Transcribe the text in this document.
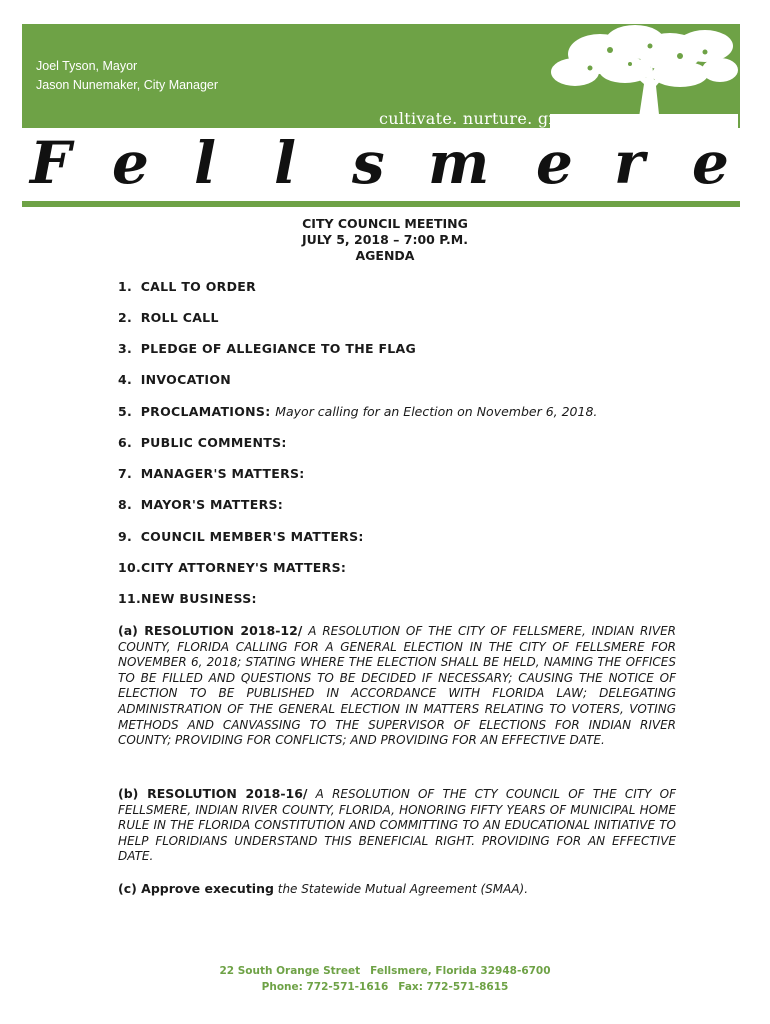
Joel Tyson, Mayor
Jason Nunemaker, City Manager
cultivate. nurture. grow...
F e l l s m e r e
CITY COUNCIL MEETING
JULY 5, 2018 – 7:00 P.M.
AGENDA
1. CALL TO ORDER
2. ROLL CALL
3. PLEDGE OF ALLEGIANCE TO THE FLAG
4. INVOCATION
5. PROCLAMATIONS: Mayor calling for an Election on November 6, 2018.
6. PUBLIC COMMENTS:
7. MANAGER'S MATTERS:
8. MAYOR'S MATTERS:
9. COUNCIL MEMBER'S MATTERS:
10.CITY ATTORNEY'S MATTERS:
11.NEW BUSINESS:
(a) RESOLUTION 2018-12/ A RESOLUTION OF THE CITY OF FELLSMERE, INDIAN RIVER COUNTY, FLORIDA CALLING FOR A GENERAL ELECTION IN THE CITY OF FELLSMERE FOR NOVEMBER 6, 2018; STATING WHERE THE ELECTION SHALL BE HELD, NAMING THE OFFICES TO BE FILLED AND QUESTIONS TO BE DECIDED IF NECESSARY; CAUSING THE NOTICE OF ELECTION TO BE PUBLISHED IN ACCORDANCE WITH FLORIDA LAW; DELEGATING ADMINISTRATION OF THE GENERAL ELECTION IN MATTERS RELATING TO VOTERS, VOTING METHODS AND CANVASSING TO THE SUPERVISOR OF ELECTIONS FOR INDIAN RIVER COUNTY; PROVIDING FOR CONFLICTS; AND PROVIDING FOR AN EFFECTIVE DATE.
(b) RESOLUTION 2018-16/ A RESOLUTION OF THE CTY COUNCIL OF THE CITY OF FELLSMERE, INDIAN RIVER COUNTY, FLORIDA, HONORING FIFTY YEARS OF MUNICIPAL HOME RULE IN THE FLORIDA CONSTITUTION AND COMMITTING TO AN EDUCATIONAL INITIATIVE TO HELP FLORIDIANS UNDERSTAND THIS BENEFICIAL RIGHT. PROVIDING FOR AN EFFECTIVE DATE.
(c) Approve executing the Statewide Mutual Agreement (SMAA).
22 South Orange Street Fellsmere, Florida 32948-6700
Phone: 772-571-1616 Fax: 772-571-8615
